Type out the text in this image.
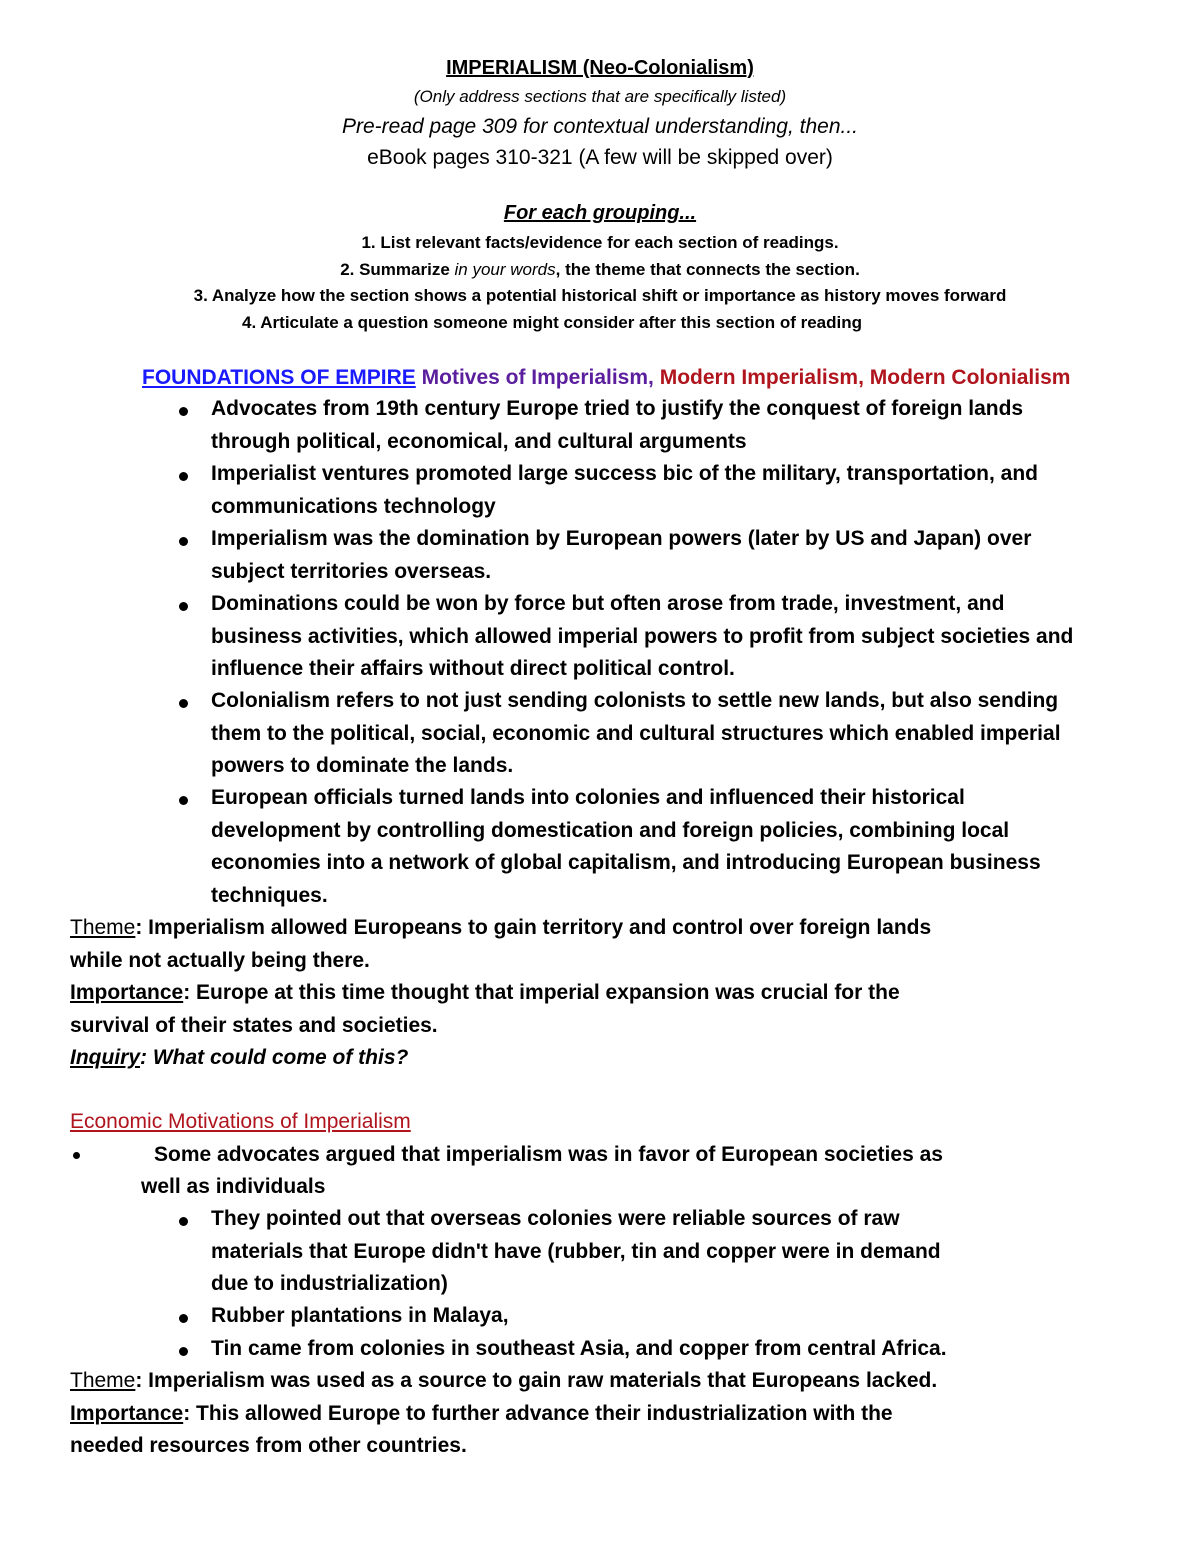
IMPERIALISM (Neo-Colonialism)
(Only address sections that are specifically listed)
Pre-read page 309 for contextual understanding, then...
eBook pages 310-321 (A few will be skipped over)
For each grouping...
1. List relevant facts/evidence for each section of readings.
2. Summarize in your words, the theme that connects the section.
3. Analyze how the section shows a potential historical shift or importance as history moves forward
4. Articulate a question someone might consider after this section of reading
FOUNDATIONS OF EMPIRE Motives of Imperialism, Modern Imperialism, Modern Colonialism
Advocates from 19th century Europe tried to justify the conquest of foreign lands
through political, economical, and cultural arguments
Imperialist ventures promoted large success bic of the military, transportation, and
communications technology
Imperialism was the domination by European powers (later by US and Japan) over
subject territories overseas.
Dominations could be won by force but often arose from trade, investment, and
business activities, which allowed imperial powers to profit from subject societies and
influence their affairs without direct political control.
Colonialism refers to not just sending colonists to settle new lands, but also sending
them to the political, social, economic and cultural structures which enabled imperial
powers to dominate the lands.
European officials turned lands into colonies and influenced their historical
development by controlling domestication and foreign policies, combining local
economies into a network of global capitalism, and introducing European business
techniques.
Theme: Imperialism allowed Europeans to gain territory and control over foreign lands
while not actually being there.
Importance: Europe at this time thought that imperial expansion was crucial for the
survival of their states and societies.
Inquiry: What could come of this?
Economic Motivations of Imperialism
Some advocates argued that imperialism was in favor of European societies as
well as individuals
They pointed out that overseas colonies were reliable sources of raw
materials that Europe didn't have (rubber, tin and copper were in demand
due to industrialization)
Rubber plantations in Malaya,
Tin came from colonies in southeast Asia, and copper from central Africa.
Theme: Imperialism was used as a source to gain raw materials that Europeans lacked.
Importance: This allowed Europe to further advance their industrialization with the
needed resources from other countries.
